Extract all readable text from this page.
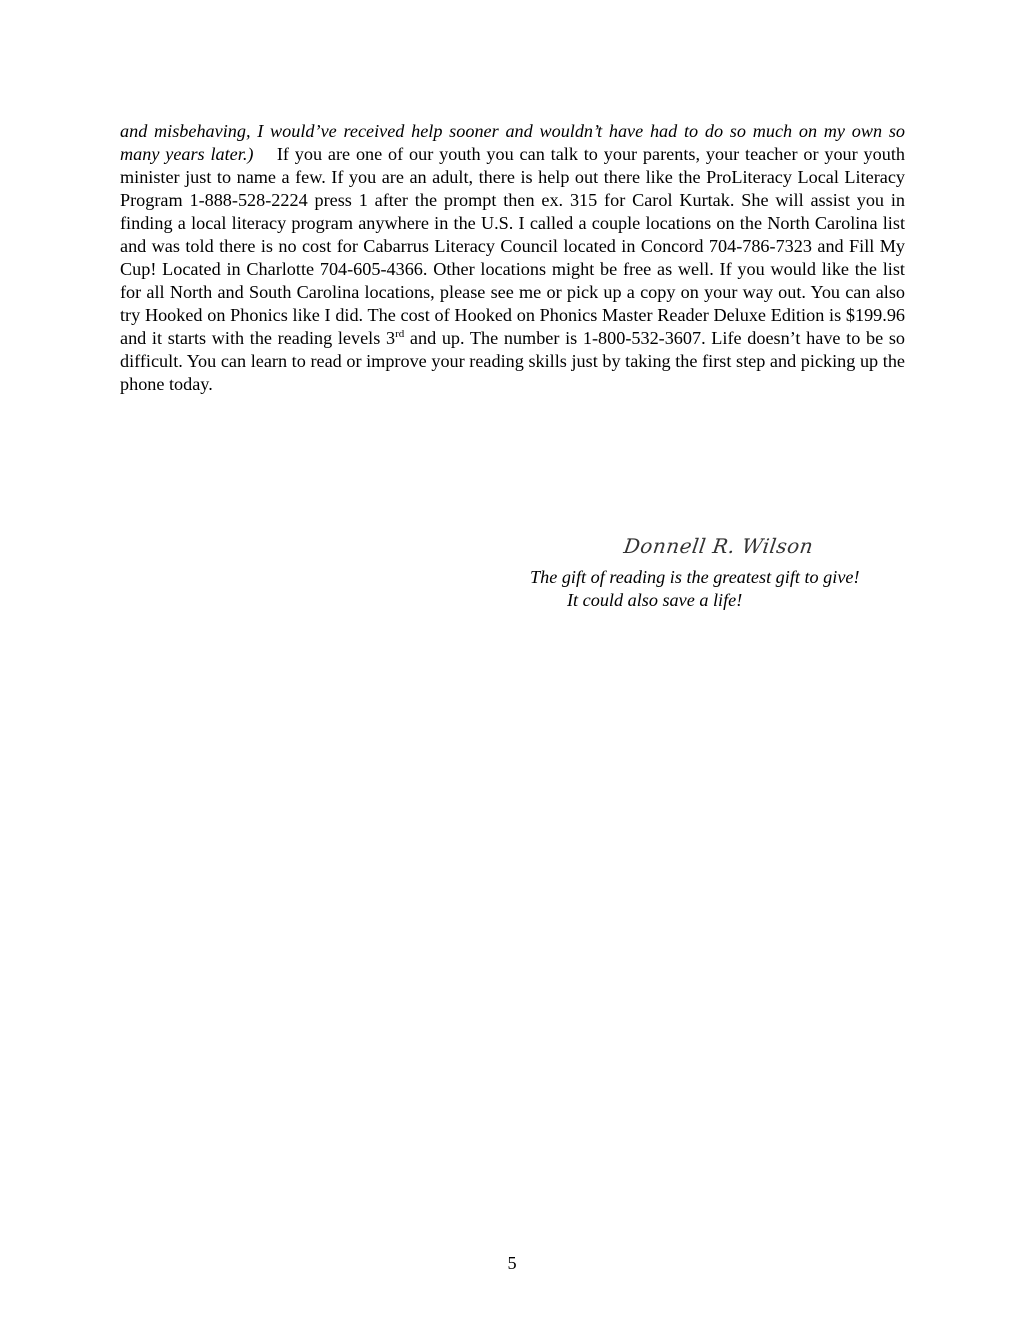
and misbehaving, I would’ve received help sooner and wouldn’t have had to do so much on my own so many years later.)    If you are one of our youth you can talk to your parents, your teacher or your youth minister just to name a few. If you are an adult, there is help out there like the ProLiteracy Local Literacy Program 1-888-528-2224 press 1 after the prompt then ex. 315 for Carol Kurtak. She will assist you in finding a local literacy program anywhere in the U.S. I called a couple locations on the North Carolina list and was told there is no cost for Cabarrus Literacy Council located in Concord 704-786-7323 and Fill My Cup! Located in Charlotte 704-605-4366. Other locations might be free as well. If you would like the list for all North and South Carolina locations, please see me or pick up a copy on your way out. You can also try Hooked on Phonics like I did. The cost of Hooked on Phonics Master Reader Deluxe Edition is $199.96 and it starts with the reading levels 3rd and up. The number is 1-800-532-3607. Life doesn’t have to be so difficult. You can learn to read or improve your reading skills just by taking the first step and picking up the phone today.

Donnell R. Wilson
The gift of reading is the greatest gift to give!
It could also save a life!
5
